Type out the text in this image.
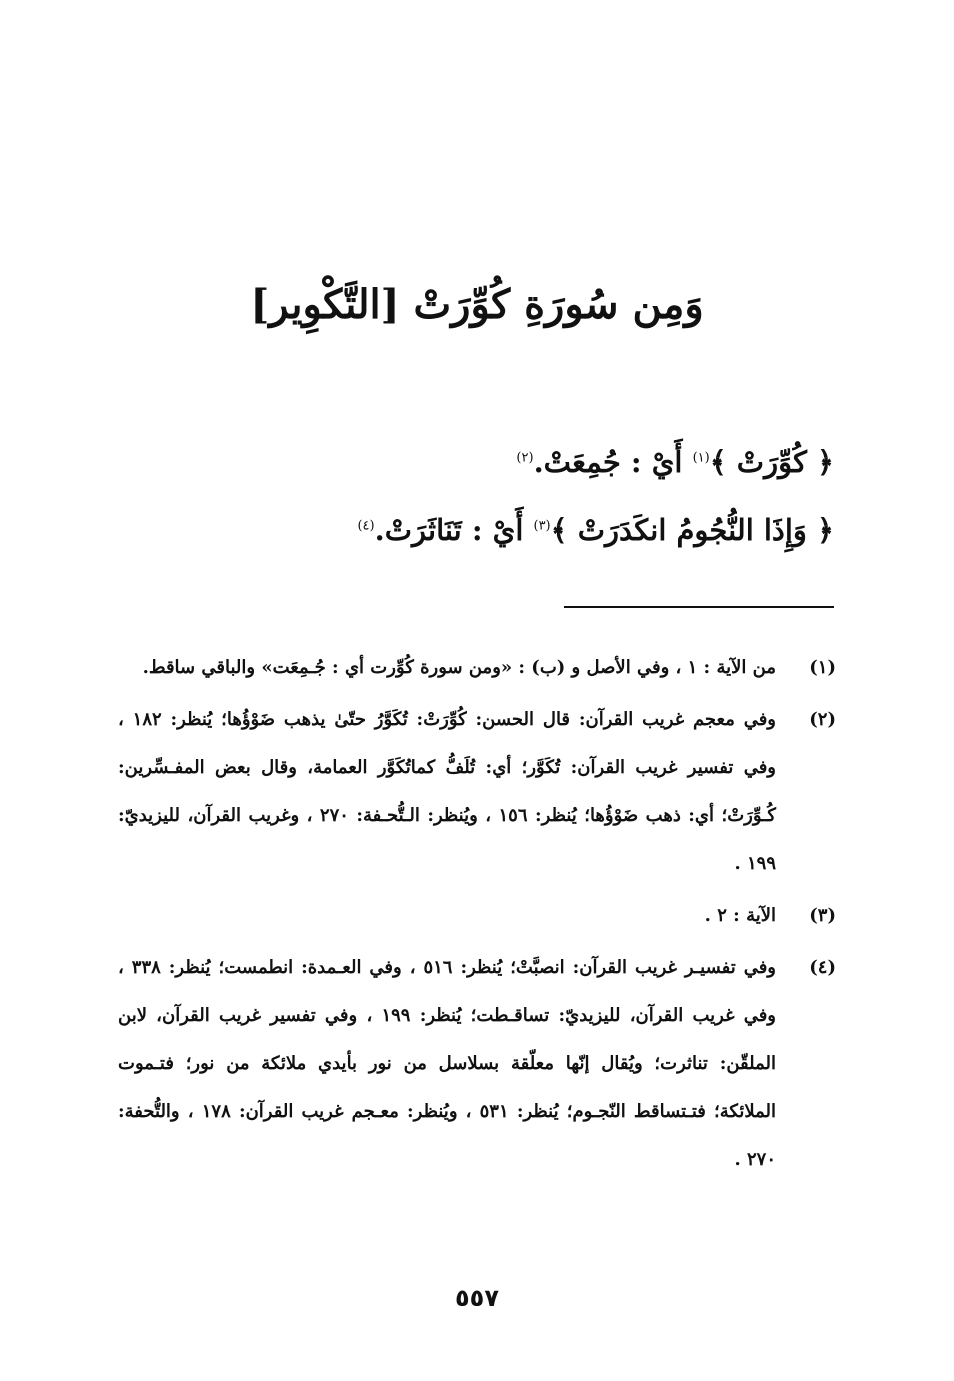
وَمِن سُورَةِ كُوِّرَتْ [التَّكْوِير]
﴿ كُوِّرَتْ ﴾$^{(١)}$ أَيْ : جُمِعَتْ.$^{(٢)}$
﴿ وَإِذَا النُّجُومُ انكَدَرَتْ ﴾$^{(٣)}$ أَيْ : تَنَاثَرَتْ.$^{(٤)}$
(١)
من الآية : ١ ، وفي الأصل و (ب) : «ومن سورة كُوِّرت أي : جُـمِعَت» والباقي ساقط.
(٢)
وفي معجم غريب القرآن: قال الحسن: كُوِّرَتْ: تُكَوَّرُ حتّىٰ يذهب ضَوْؤُها؛ يُنظر: ١٨٢ ، وفي تفسير غريب القرآن: تُكَوَّر؛ أي: تُلَفُّ كماتُكَوَّر العمامة، وقال بعض المفـسِّرين: كُـوِّرَتْ؛ أي: ذهب ضَوْؤُها؛ يُنظر: ١٥٦ ، ويُنظر: الـتُّحـفة: ٢٧٠ ، وغريب القرآن، لليزيديّ: ١٩٩ .
(٣)
الآية : ٢ .
(٤)
وفي تفسيـر غريب القرآن: انصبَّتْ؛ يُنظر: ٥١٦ ، وفي العـمدة: انطمست؛ يُنظر: ٣٣٨ ، وفي غريب القرآن، لليزيديّ: تساقـطت؛ يُنظر: ١٩٩ ، وفي تفسير غريب القرآن، لابن الملقّن: تناثرت؛ ويُقال إنّها معلّقة بسلاسل من نور بأيدي ملائكة من نور؛ فتـموت الملائكة؛ فتـتساقط النّجـوم؛ يُنظر: ٥٣١ ، ويُنظر: معـجم غريب القرآن: ١٧٨ ، والتُّحفة: ٢٧٠ .
٥٥٧
